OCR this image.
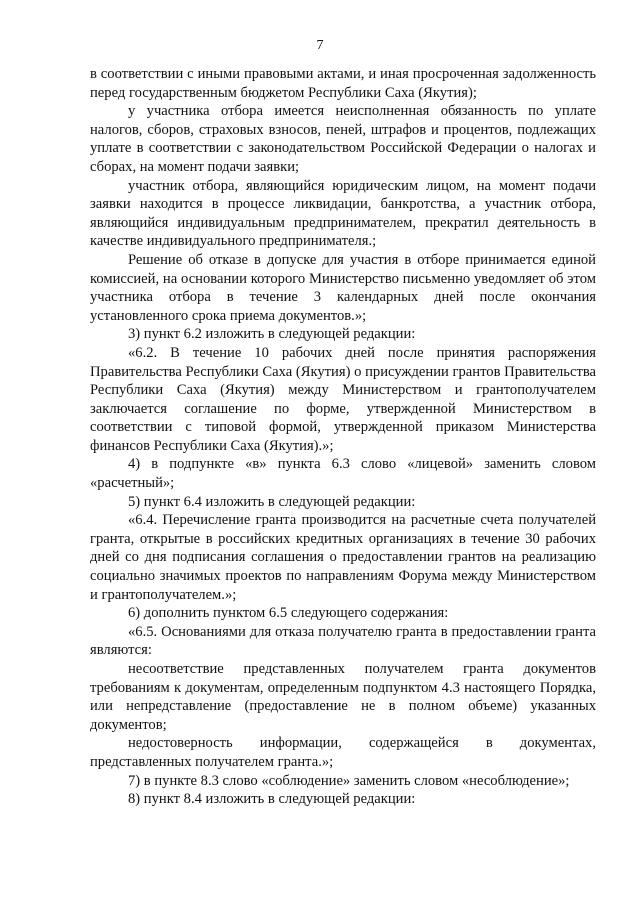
7

в соответствии с иными правовыми актами, и иная просроченная задолженность перед государственным бюджетом Республики Саха (Якутия);

у участника отбора имеется неисполненная обязанность по уплате налогов, сборов, страховых взносов, пеней, штрафов и процентов, подлежащих уплате в соответствии с законодательством Российской Федерации о налогах и сборах, на момент подачи заявки;

участник отбора, являющийся юридическим лицом, на момент подачи заявки находится в процессе ликвидации, банкротства, а участник отбора, являющийся индивидуальным предпринимателем, прекратил деятельность в качестве индивидуального предпринимателя.;

Решение об отказе в допуске для участия в отборе принимается единой комиссией, на основании которого Министерство письменно уведомляет об этом участника отбора в течение 3 календарных дней после окончания установленного срока приема документов.»;

3) пункт 6.2 изложить в следующей редакции:

«6.2. В течение 10 рабочих дней после принятия распоряжения Правительства Республики Саха (Якутия) о присуждении грантов Правительства Республики Саха (Якутия) между Министерством и грантополучателем заключается соглашение по форме, утвержденной Министерством в соответствии с типовой формой, утвержденной приказом Министерства финансов Республики Саха (Якутия).»;

4) в подпункте «в» пункта 6.3 слово «лицевой» заменить словом «расчетный»;

5) пункт 6.4 изложить в следующей редакции:

«6.4. Перечисление гранта производится на расчетные счета получателей гранта, открытые в российских кредитных организациях в течение 30 рабочих дней со дня подписания соглашения о предоставлении грантов на реализацию социально значимых проектов по направлениям Форума между Министерством и грантополучателем.»;

6) дополнить пунктом 6.5 следующего содержания:

«6.5. Основаниями для отказа получателю гранта в предоставлении гранта являются:

несоответствие представленных получателем гранта документов требованиям к документам, определенным подпунктом 4.3 настоящего Порядка, или непредставление (предоставление не в полном объеме) указанных документов;

недостоверность информации, содержащейся в документах, представленных получателем гранта.»;

7) в пункте 8.3 слово «соблюдение» заменить словом «несоблюдение»;

8) пункт 8.4 изложить в следующей редакции:
